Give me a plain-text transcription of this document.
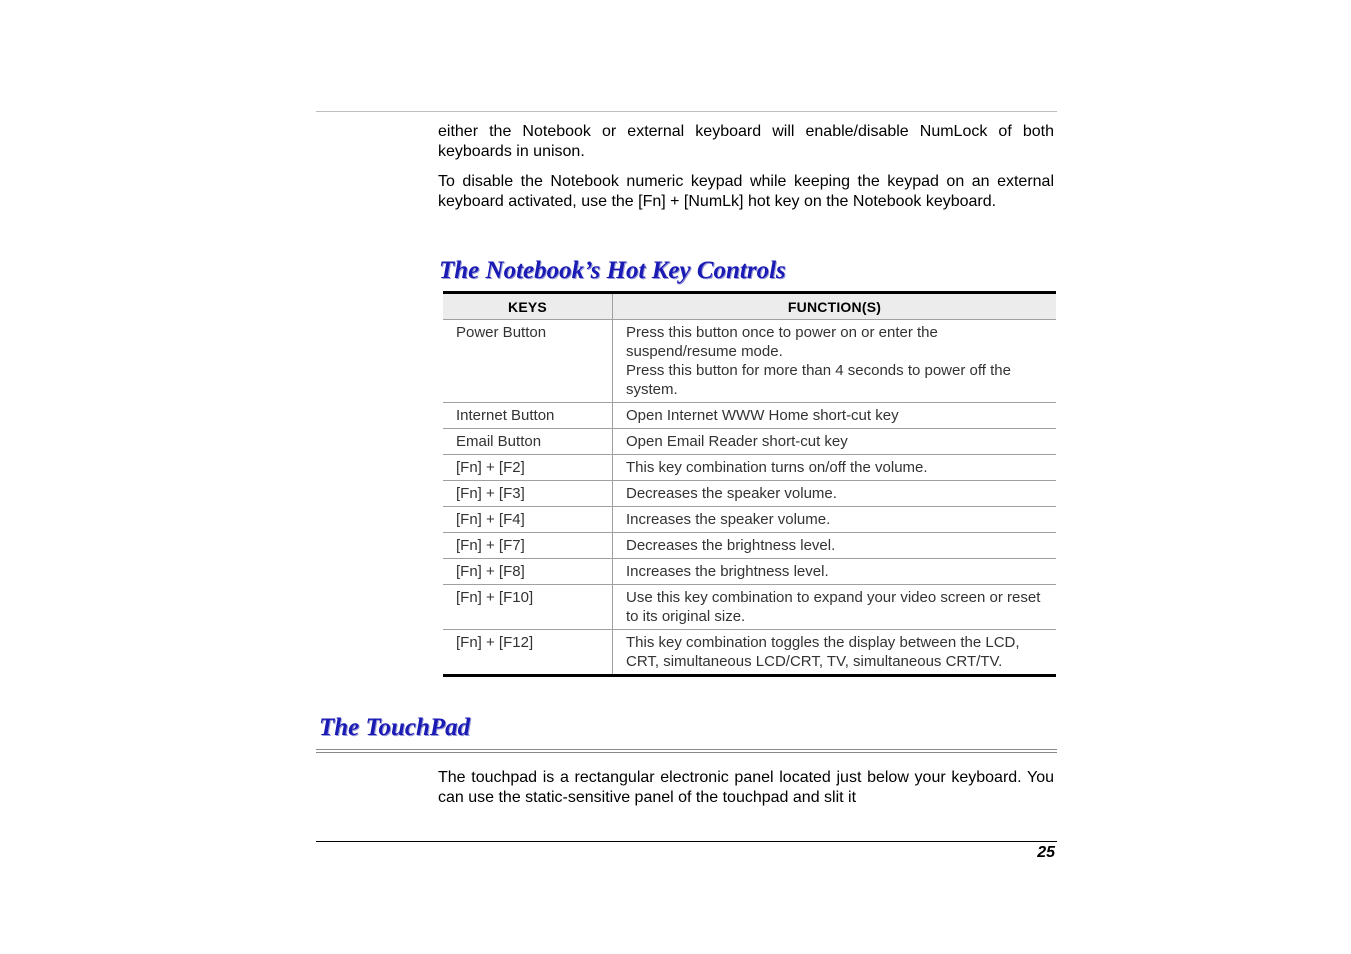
either the Notebook or external keyboard will enable/disable NumLock of both keyboards in unison.

To disable the Notebook numeric keypad while keeping the keypad on an external keyboard activated, use the [Fn] + [NumLk] hot key on the Notebook keyboard.

The Notebook’s Hot Key Controls
KEYS	FUNCTION(S)
Power Button	Press this button once to power on or enter the suspend/resume mode.
Press this button for more than 4 seconds to power off the system.

Internet Button	Open Internet WWW Home short-cut key

Email Button	Open Email Reader short-cut key

[Fn] + [F2]	This key combination turns on/off the volume.

[Fn] + [F3]	Decreases the speaker volume.

[Fn] + [F4]	Increases the speaker volume.

[Fn] + [F7]	Decreases the brightness level.

[Fn] + [F8]	Increases the brightness level.

[Fn] + [F10]	Use this key combination to expand your video screen or reset to its original size.

[Fn] + [F12]	This key combination toggles the display between the LCD, CRT, simultaneous LCD/CRT, TV, simultaneous CRT/TV.
The TouchPad

The touchpad is a rectangular electronic panel located just below your keyboard. You can use the static-sensitive panel of the touchpad and slit it

25
